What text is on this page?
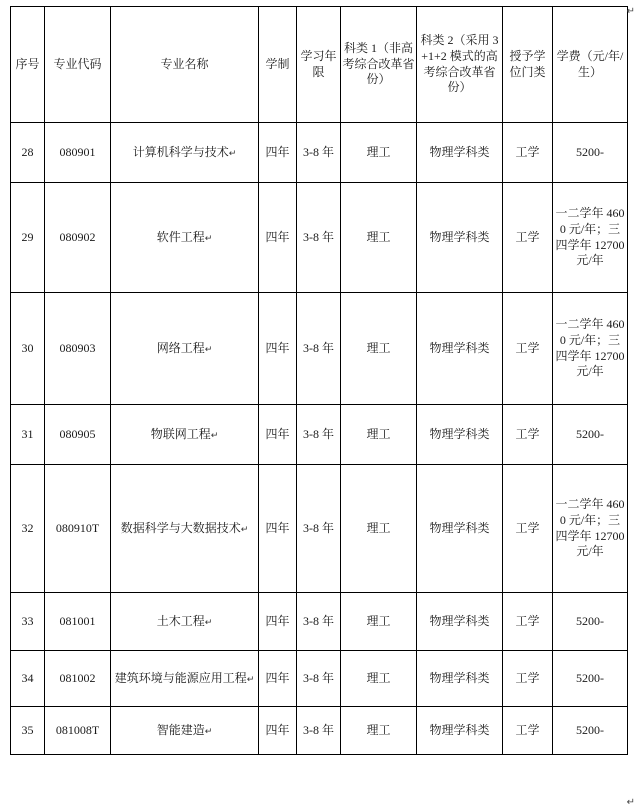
↵
序号	专业代码	专业名称	学制	学习年限	科类 1（非高考综合改革省份）	科类 2（采用 3+1+2 模式的高考综合改革省份）	授予学位门类	学费（元/年/生）
28	080901	计算机科学与技术↵	四年	3-8 年	理工	物理学科类	工学	5200-
29	080902	软件工程↵	四年	3-8 年	理工	物理学科类	工学	一二学年 4600 元/年；三四学年 12700 元/年
30	080903	网络工程↵	四年	3-8 年	理工	物理学科类	工学	一二学年 4600 元/年；三四学年 12700 元/年
31	080905	物联网工程↵	四年	3-8 年	理工	物理学科类	工学	5200-
32	080910T	数据科学与大数据技术↵	四年	3-8 年	理工	物理学科类	工学	一二学年 4600 元/年；三四学年 12700 元/年
33	081001	土木工程↵	四年	3-8 年	理工	物理学科类	工学	5200-
34	081002	建筑环境与能源应用工程↵	四年	3-8 年	理工	物理学科类	工学	5200-
35	081008T	智能建造↵	四年	3-8 年	理工	物理学科类	工学	5200-
↵
